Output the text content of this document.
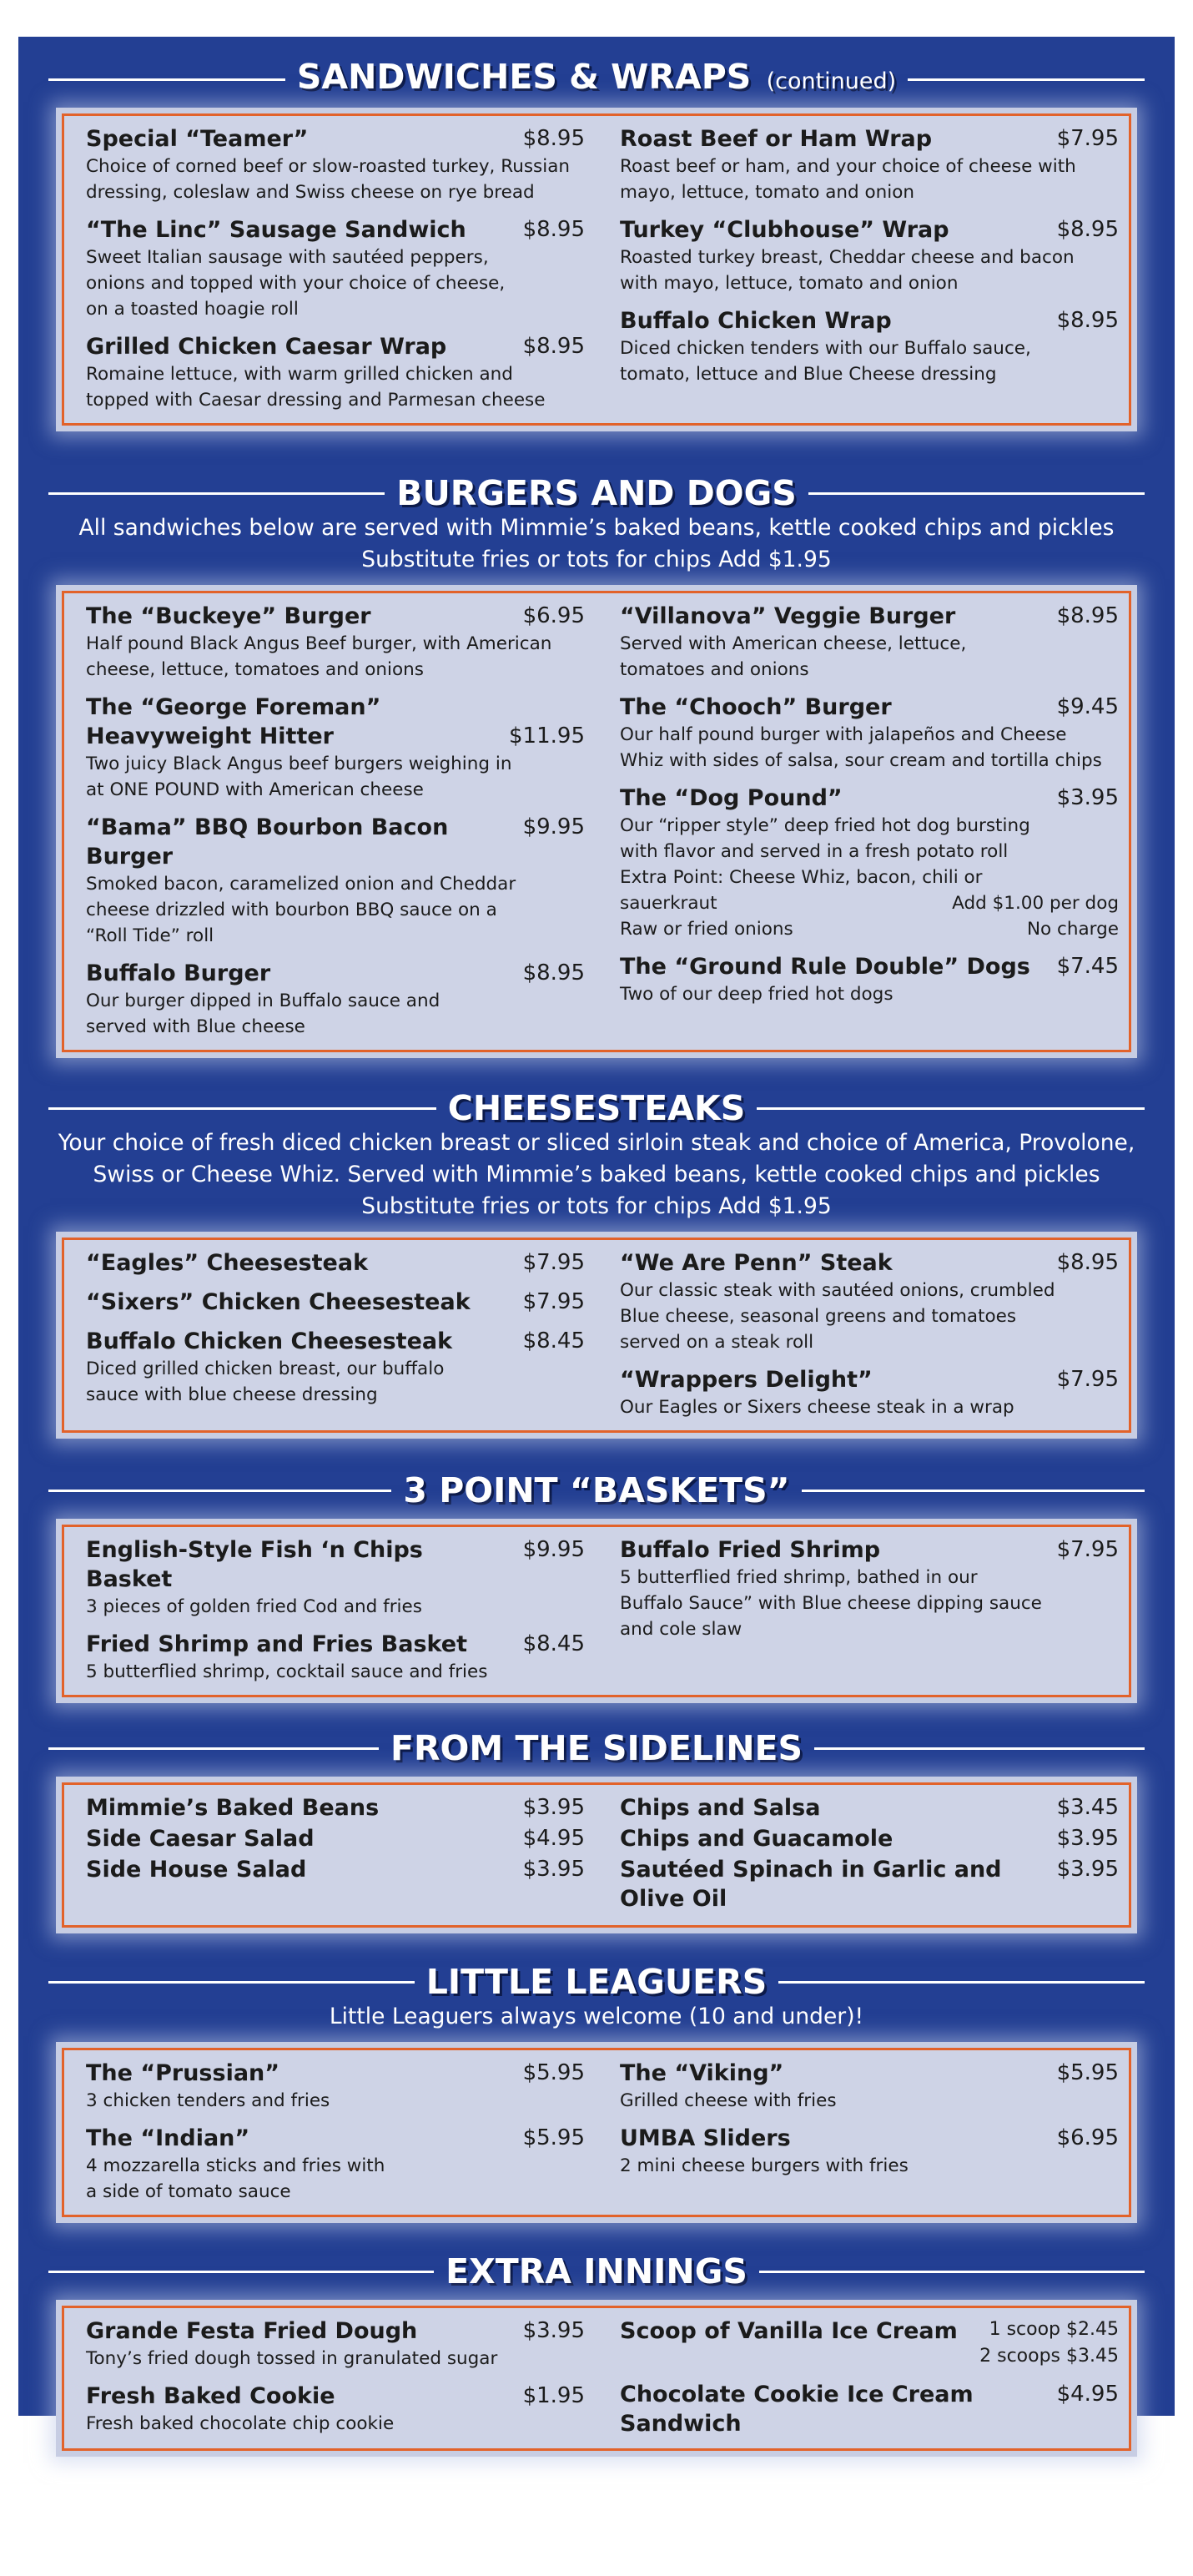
SANDWICHES & WRAPS (continued)
Special “Teamer”	$8.95
Choice of corned beef or slow-roasted turkey, Russian
dressing, coleslaw and Swiss cheese on rye bread
“The Linc” Sausage Sandwich	$8.95
Sweet Italian sausage with sautéed peppers,
onions and topped with your choice of cheese,
on a toasted hoagie roll
Grilled Chicken Caesar Wrap	$8.95
Romaine lettuce, with warm grilled chicken and
topped with Caesar dressing and Parmesan cheese
Roast Beef or Ham Wrap	$7.95
Roast beef or ham, and your choice of cheese with
mayo, lettuce, tomato and onion
Turkey “Clubhouse” Wrap	$8.95
Roasted turkey breast, Cheddar cheese and bacon
with mayo, lettuce, tomato and onion
Buffalo Chicken Wrap	$8.95
Diced chicken tenders with our Buffalo sauce,
tomato, lettuce and Blue Cheese dressing
BURGERS AND DOGS
All sandwiches below are served with Mimmie’s baked beans, kettle cooked chips and pickles
Substitute fries or tots for chips Add $1.95
The “Buckeye” Burger	$6.95
Half pound Black Angus Beef burger, with American
cheese, lettuce, tomatoes and onions
The “George Foreman”
Heavyweight Hitter	$11.95
Two juicy Black Angus beef burgers weighing in
at ONE POUND with American cheese
“Bama” BBQ Bourbon Bacon Burger
$9.95
Smoked bacon, caramelized onion and Cheddar
cheese drizzled with bourbon BBQ sauce on a
“Roll Tide” roll
Buffalo Burger	$8.95
Our burger dipped in Buffalo sauce and
served with Blue cheese
“Villanova” Veggie Burger	$8.95
Served with American cheese, lettuce,
tomatoes and onions
The “Chooch” Burger	$9.45
Our half pound burger with jalapeños and Cheese
Whiz with sides of salsa, sour cream and tortilla chips
The “Dog Pound”	$3.95
Our “ripper style” deep fried hot dog bursting
with flavor and served in a fresh potato roll
Extra Point: Cheese Whiz, bacon, chili or
sauerkraut	Add $1.00 per dog
Raw or fried onions	No charge
The “Ground Rule Double” Dogs $7.45
Two of our deep fried hot dogs
CHEESESTEAKS
Your choice of fresh diced chicken breast or sliced sirloin steak and choice of America, Provolone,
Swiss or Cheese Whiz. Served with Mimmie’s baked beans, kettle cooked chips and pickles
Substitute fries or tots for chips Add $1.95
“Eagles” Cheesesteak	$7.95
“Sixers” Chicken Cheesesteak $7.95
Buffalo Chicken Cheesesteak	$8.45
Diced grilled chicken breast, our buffalo
sauce with blue cheese dressing
“We Are Penn” Steak	$8.95
Our classic steak with sautéed onions, crumbled
Blue cheese, seasonal greens and tomatoes
served on a steak roll
“Wrappers Delight”	$7.95
Our Eagles or Sixers cheese steak in a wrap
3 POINT “BASKETS”
English-Style Fish ‘n Chips Basket
$9.95
3 pieces of golden fried Cod and fries
Fried Shrimp and Fries Basket	$8.45
5 butterflied shrimp, cocktail sauce and fries
Buffalo Fried Shrimp	$7.95
5 butterflied fried shrimp, bathed in our
Buffalo Sauce” with Blue cheese dipping sauce
and cole slaw
FROM THE SIDELINES
Mimmie’s Baked Beans	$3.95
Side Caesar Salad	$4.95
Side House Salad	$3.95
Chips and Salsa	$3.45
Chips and Guacamole	$3.95
Sautéed Spinach in Garlic and Olive Oil
$3.95
LITTLE LEAGUERS
Little Leaguers always welcome (10 and under)!
The “Prussian”	$5.95
3 chicken tenders and fries
The “Indian”	$5.95
4 mozzarella sticks and fries with
a side of tomato sauce
The “Viking”	$5.95
Grilled cheese with fries
UMBA Sliders	$6.95
2 mini cheese burgers with fries
EXTRA INNINGS
Grande Festa Fried Dough	$3.95
Tony’s fried dough tossed in granulated sugar
Fresh Baked Cookie	$1.95
Fresh baked chocolate chip cookie
Scoop of Vanilla Ice Cream	1 scoop $2.45
2 scoops $3.45
Chocolate Cookie Ice Cream Sandwich
$4.95
Ask your server about menu items that are cooked to order or served raw.
Consuming raw or uncooked meats, poultry, seafood, shellfish or eggs
may increase your risk of foodborne illness
